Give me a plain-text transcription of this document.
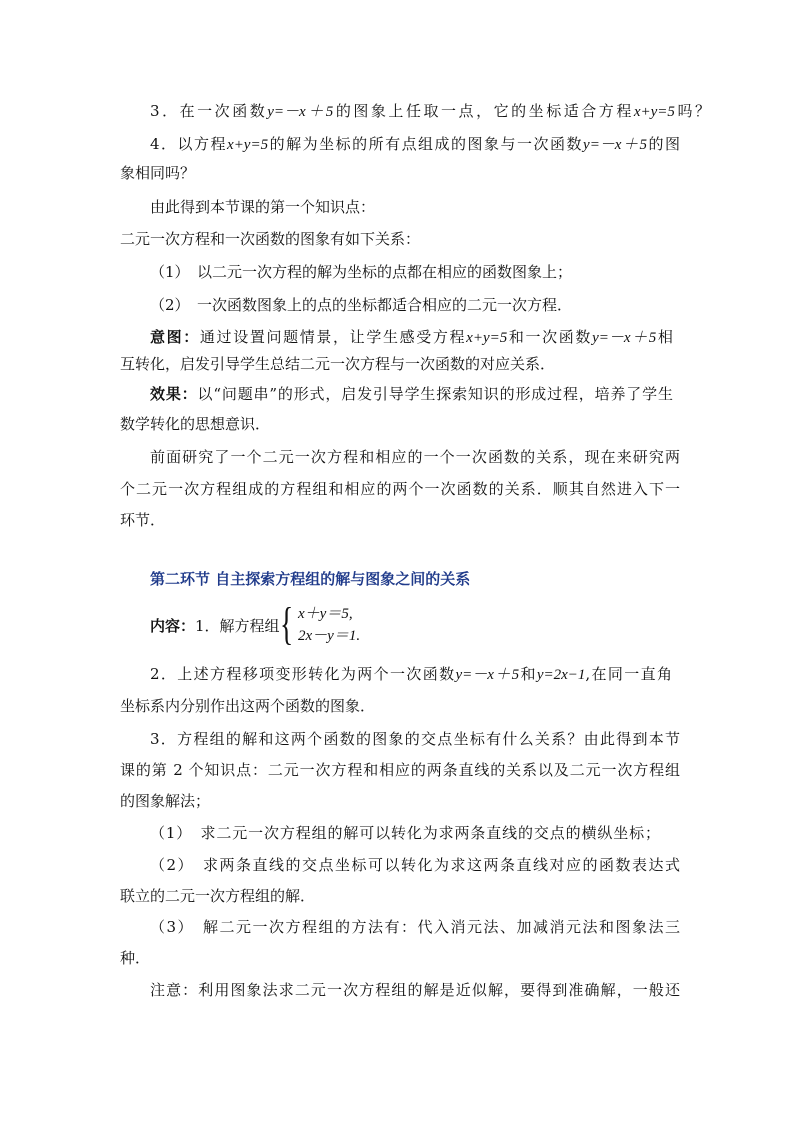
3．在一次函数y=－x＋5的图象上任取一点，它的坐标适合方程x+y=5吗？
4．以方程x+y=5的解为坐标的所有点组成的图象与一次函数y=－x＋5的图
象相同吗？
由此得到本节课的第一个知识点：
二元一次方程和一次函数的图象有如下关系：
（1）　以二元一次方程的解为坐标的点都在相应的函数图象上；
（2）　一次函数图象上的点的坐标都适合相应的二元一次方程．
意图：通过设置问题情景，让学生感受方程x+y=5和一次函数y=－x＋5相
互转化，启发引导学生总结二元一次方程与一次函数的对应关系．
效果：以“问题串”的形式，启发引导学生探索知识的形成过程，培养了学生
数学转化的思想意识．
前面研究了一个二元一次方程和相应的一个一次函数的关系，现在来研究两
个二元一次方程组成的方程组和相应的两个一次函数的关系．顺其自然进入下一
环节．
第二环节 自主探索方程组的解与图象之间的关系
内容：1．解方程组 { x＋y＝5,
2x－y＝1.
2．上述方程移项变形转化为两个一次函数y=－x＋5和y=2x−1,在同一直角
坐标系内分别作出这两个函数的图象．
3．方程组的解和这两个函数的图象的交点坐标有什么关系？由此得到本节
课的第 2 个知识点：二元一次方程和相应的两条直线的关系以及二元一次方程组
的图象解法；
（1）　求二元一次方程组的解可以转化为求两条直线的交点的横纵坐标；
（2）　求两条直线的交点坐标可以转化为求这两条直线对应的函数表达式
联立的二元一次方程组的解．
（3）　解二元一次方程组的方法有：代入消元法、加减消元法和图象法三
种．
注意：利用图象法求二元一次方程组的解是近似解，要得到准确解，一般还
